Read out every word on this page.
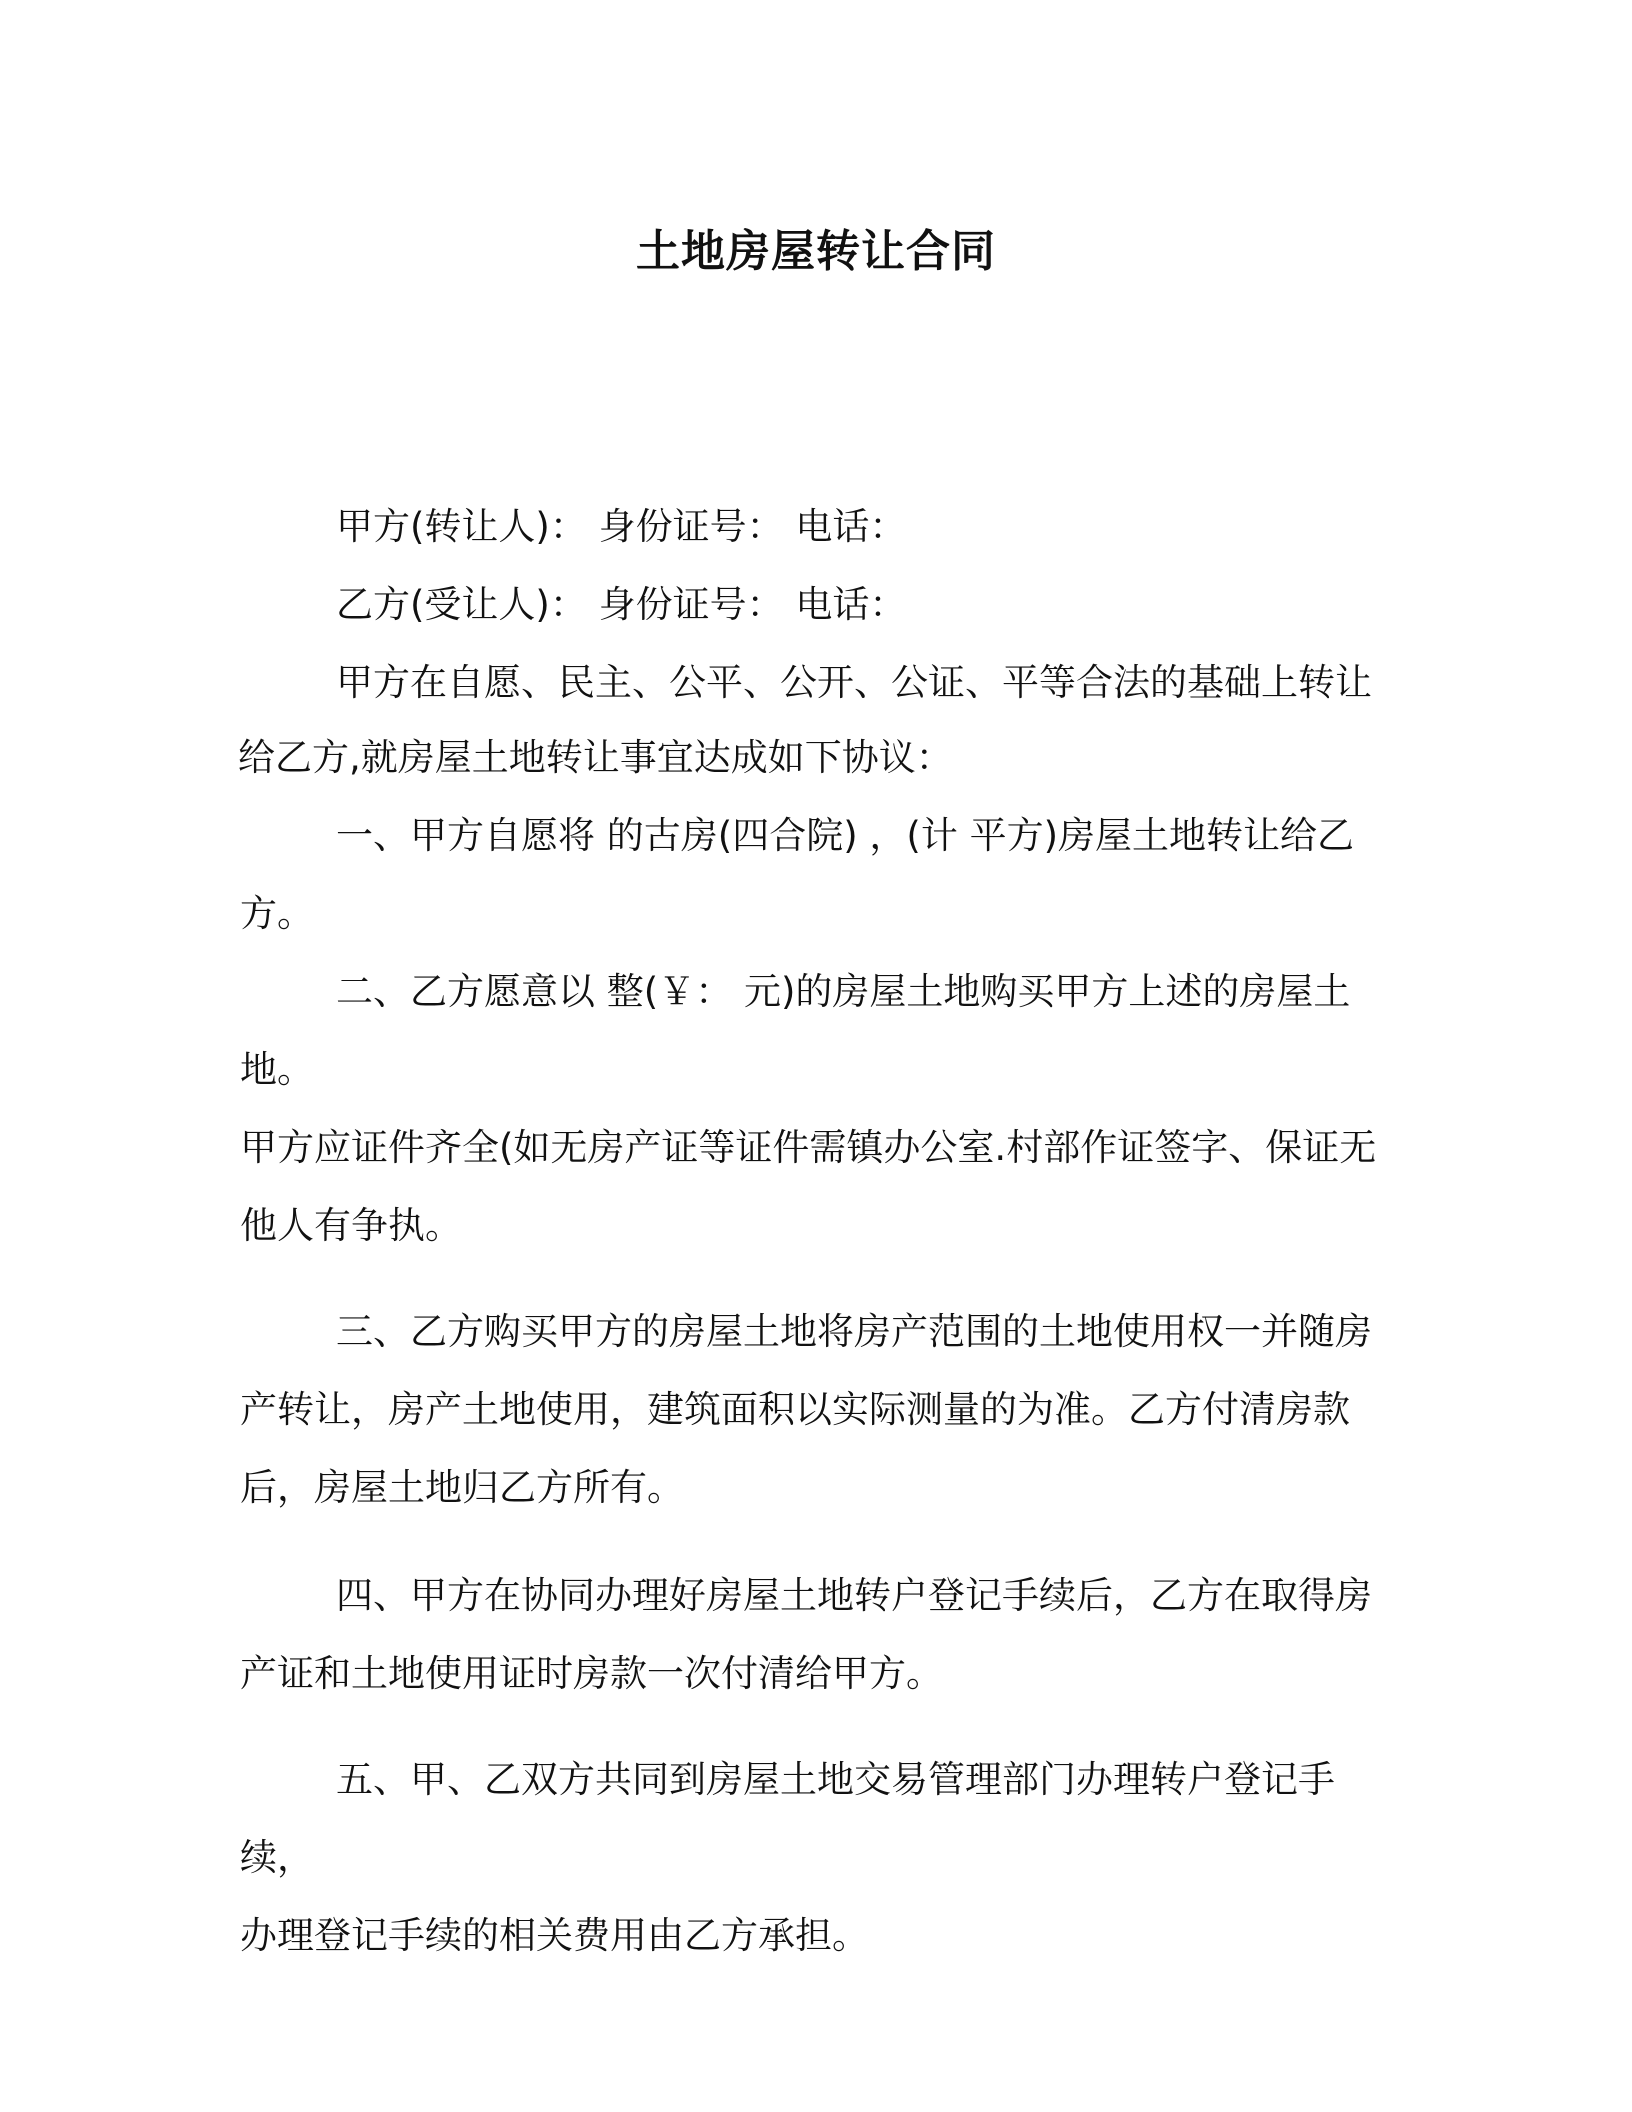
土地房屋转让合同

甲方(转让人)： 身份证号： 电话：

乙方(受让人)： 身份证号： 电话：

甲方在自愿、民主、公平、公开、公证、平等合法的基础上转让

给乙方,就房屋土地转让事宜达成如下协议：

一、甲方自愿将 的古房(四合院) ，(计 平方)房屋土地转让给乙方。

二、乙方愿意以 整(￥： 元)的房屋土地购买甲方上述的房屋土地。

甲方应证件齐全(如无房产证等证件需镇办公室.村部作证签字、保证无
他人有争执。

三、乙方购买甲方的房屋土地将房产范围的土地使用权一并随房

产转让，房产土地使用，建筑面积以实际测量的为准。乙方付清房款
后，房屋土地归乙方所有。

四、甲方在协同办理好房屋土地转户登记手续后，乙方在取得房

产证和土地使用证时房款一次付清给甲方。

五、甲、乙双方共同到房屋土地交易管理部门办理转户登记手续，

办理登记手续的相关费用由乙方承担。
